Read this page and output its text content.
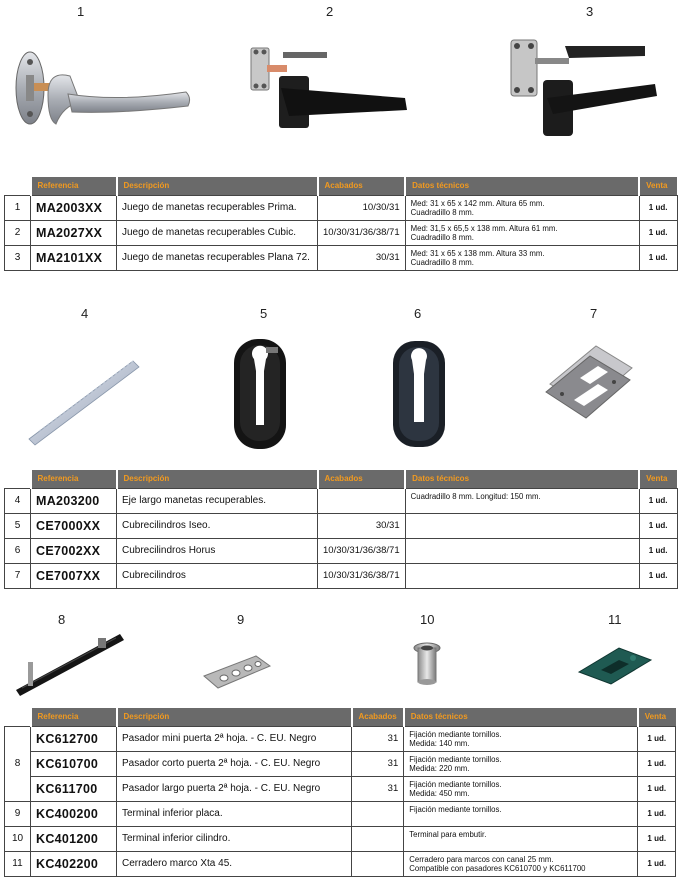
1	2	3
	Referencia	Descripción	Acabados	Datos técnicos	Venta
1	MA2003XX	Juego de manetas recuperables Prima.	10/30/31	Med: 31 x 65 x 142 mm. Altura 65 mm.
Cuadradillo 8 mm.	1 ud.
2	MA2027XX	Juego de manetas recuperables Cubic.	10/30/31/36/38/71	Med: 31,5 x 65,5 x 138 mm. Altura 61 mm.
Cuadradillo 8 mm.	1 ud.
3	MA2101XX	Juego de manetas recuperables Plana 72.	30/31	Med: 31 x 65 x 138 mm. Altura 33 mm.
Cuadradillo 8 mm.	1 ud.
4	5	6	7
	Referencia	Descripción	Acabados	Datos técnicos	Venta
4	MA203200	Eje largo manetas recuperables.		Cuadradillo 8 mm. Longitud: 150 mm.	1 ud.
5	CE7000XX	Cubrecilindros Iseo.	30/31		1 ud.
6	CE7002XX	Cubrecilindros Horus	10/30/31/36/38/71		1 ud.
7	CE7007XX	Cubrecilindros	10/30/31/36/38/71		1 ud.
8	9	10	11
	Referencia	Descripción	Acabados	Datos técnicos	Venta
8	KC612700	Pasador mini puerta 2ª hoja. - C. EU. Negro	31	Fijación mediante tornillos.
Medida: 140 mm.	1 ud.
	KC610700	Pasador corto puerta 2ª hoja. - C. EU. Negro	31	Fijación mediante tornillos.
Medida: 220 mm.	1 ud.
	KC611700	Pasador largo puerta 2ª hoja. - C. EU. Negro	31	Fijación mediante tornillos.
Medida: 450 mm.	1 ud.
9	KC400200	Terminal inferior placa.		Fijación mediante tornillos.	1 ud.
10	KC401200	Terminal inferior cilindro.		Terminal para embutir.	1 ud.
11	KC402200	Cerradero marco Xta 45.		Cerradero para marcos con canal 25 mm.
Compatible con pasadores KC610700 y KC611700	1 ud.
